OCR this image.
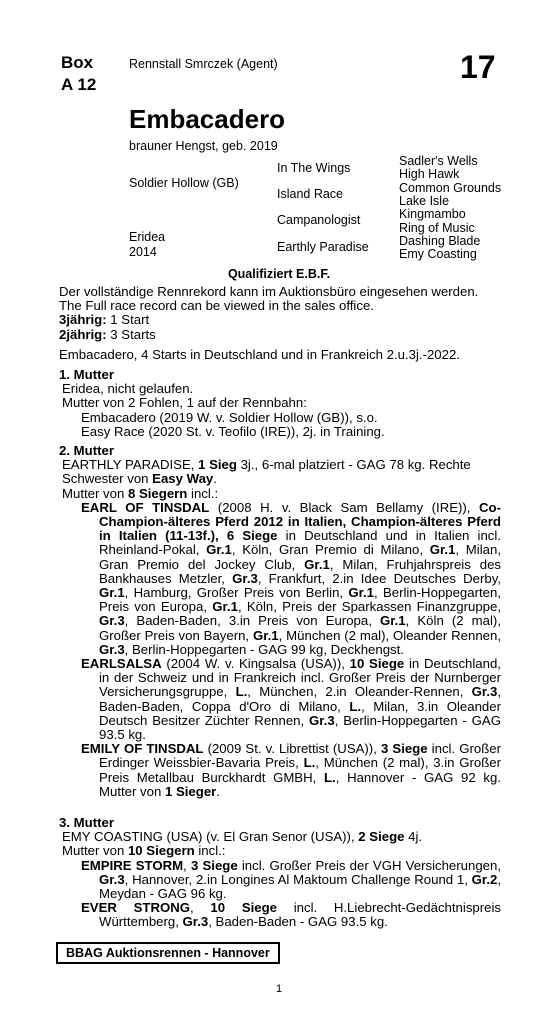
Box
A 12
Rennstall Smrczek (Agent)	17
Embacadero
brauner Hengst, geb. 2019
Soldier Hollow (GB)
Eridea
2014
In The Wings
Island Race
Campanologist
Earthly Paradise
Sadler's Wells
High Hawk
Common Grounds
Lake Isle
Kingmambo
Ring of Music
Dashing Blade
Emy Coasting
Qualifiziert E.B.F.

Der vollständige Rennrekord kann im Auktionsbüro eingesehen werden.

The Full race record can be viewed in the sales office.

3jährig: 1 Start

2jährig: 3 Starts

Embacadero, 4 Starts in Deutschland und in Frankreich 2.u.3j.-2022.

1. Mutter

Eridea, nicht gelaufen.

Mutter von 2 Fohlen, 1 auf der Rennbahn:

Embacadero (2019 W. v. Soldier Hollow (GB)), s.o.

Easy Race (2020 St. v. Teofilo (IRE)), 2j. in Training.

2. Mutter

EARTHLY PARADISE, 1 Sieg 3j., 6-mal platziert - GAG 78 kg. Rechte Schwester von Easy Way.

Mutter von 8 Siegern incl.:

EARL OF TINSDAL (2008 H. v. Black Sam Bellamy (IRE)), Co-Champion-älteres Pferd 2012 in Italien, Champion-älteres Pferd in Italien (11-13f.), 6 Siege in Deutschland und in Italien incl. Rheinland-Pokal, Gr.1, Köln, Gran Premio di Milano, Gr.1, Milan, Gran Premio del Jockey Club, Gr.1, Milan, Fruhjahrspreis des Bankhauses Metzler, Gr.3, Frankfurt, 2.in Idee Deutsches Derby, Gr.1, Hamburg, Großer Preis von Berlin, Gr.1, Berlin-Hoppegarten, Preis von Europa, Gr.1, Köln, Preis der Sparkassen Finanzgruppe, Gr.3, Baden-Baden, 3.in Preis von Europa, Gr.1, Köln (2 mal), Großer Preis von Bayern, Gr.1, München (2 mal), Oleander Rennen, Gr.3, Berlin-Hoppegarten - GAG 99 kg, Deckhengst.

EARLSALSA (2004 W. v. Kingsalsa (USA)), 10 Siege in Deutschland, in der Schweiz und in Frankreich incl. Großer Preis der Nurnberger Versicherungsgruppe, L., München, 2.in Oleander-Rennen, Gr.3, Baden-Baden, Coppa d'Oro di Milano, L., Milan, 3.in Oleander Deutsch Besitzer Züchter Rennen, Gr.3, Berlin-Hoppegarten - GAG 93.5 kg.

EMILY OF TINSDAL (2009 St. v. Librettist (USA)), 3 Siege incl. Großer Erdinger Weissbier-Bavaria Preis, L., München (2 mal), 3.in Großer Preis Metallbau Burckhardt GMBH, L., Hannover - GAG 92 kg. Mutter von 1 Sieger.

3. Mutter

EMY COASTING (USA) (v. El Gran Senor (USA)), 2 Siege 4j.

Mutter von 10 Siegern incl.:

EMPIRE STORM, 3 Siege incl. Großer Preis der VGH Versicherungen, Gr.3, Hannover, 2.in Longines Al Maktoum Challenge Round 1, Gr.2, Meydan - GAG 96 kg.

EVER STRONG, 10 Siege incl. H.Liebrecht-Gedächtnispreis Württemberg, Gr.3, Baden-Baden - GAG 93.5 kg.

BBAG Auktionsrennen - Hannover
1
